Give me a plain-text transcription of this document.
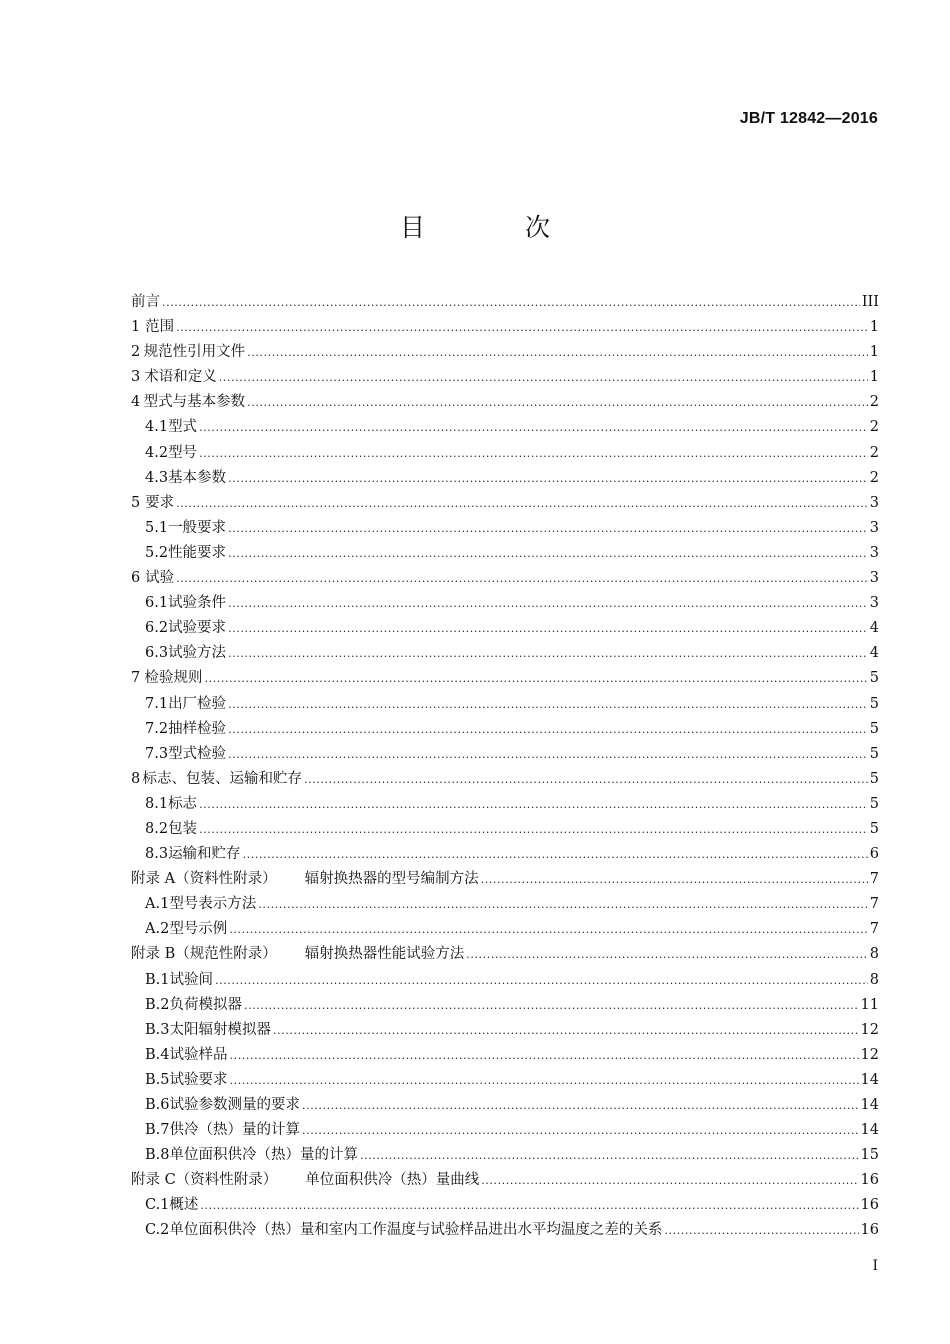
JB/T 12842—2016
目 次
前言 .....	III
1 范围 .....	1
2 规范性引用文件 .....	1
3 术语和定义 .....	1
4 型式与基本参数 .....	2
4.1 型式 .....	2
4.2 型号 .....	2
4.3 基本参数 .....	2
5 要求 .....	3
5.1 一般要求 .....	3
5.2 性能要求 .....	3
6 试验 .....	3
6.1 试验条件 .....	3
6.2 试验要求 .....	4
6.3 试验方法 .....	4
7 检验规则 .....	5
7.1 出厂检验 .....	5
7.2 抽样检验 .....	5
7.3 型式检验 .....	5
8 标志、包装、运输和贮存 .....	5
8.1 标志 .....	5
8.2 包装 .....	5
8.3 运输和贮存 .....	6
附录 A（资料性附录）	辐射换热器的型号编制方法 .....	7
A.1 型号表示方法 .....	7
A.2 型号示例 .....	7
附录 B（规范性附录）	辐射换热器性能试验方法 .....	8
B.1 试验间 .....	8
B.2 负荷模拟器 .....	11
B.3 太阳辐射模拟器 .....	12
B.4 试验样品 .....	12
B.5 试验要求 .....	14
B.6 试验参数测量的要求 .....	14
B.7 供冷（热）量的计算 .....	14
B.8 单位面积供冷（热）量的计算 .....	15
附录 C（资料性附录）	单位面积供冷（热）量曲线 .....	16
C.1 概述 .....	16
C.2 单位面积供冷（热）量和室内工作温度与试验样品进出水平均温度之差的关系 .....	16
I
